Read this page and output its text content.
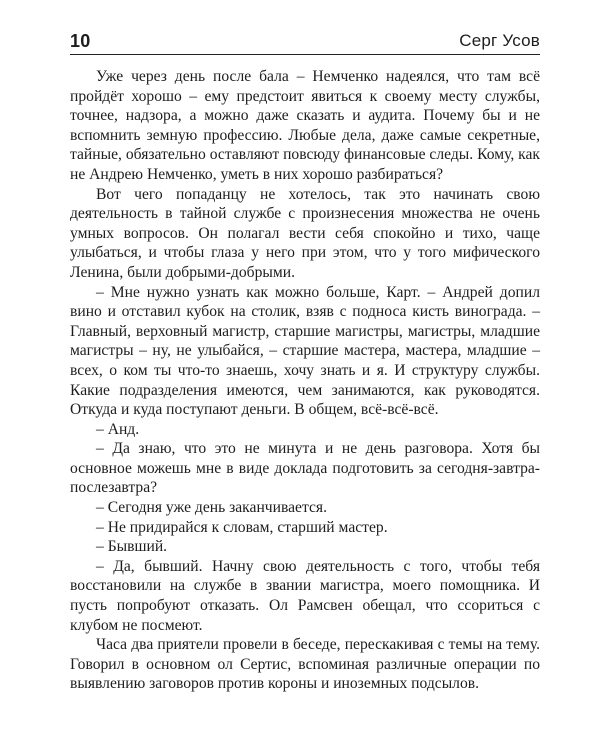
10	Серг Усов

Уже через день после бала – Немченко надеялся, что там всё пройдёт хорошо – ему предстоит явиться к своему месту службы, точнее, надзора, а можно даже сказать и аудита. Почему бы и не вспомнить земную профессию. Любые дела, даже самые секретные, тайные, обязательно оставляют повсюду финансовые следы. Кому, как не Андрею Немченко, уметь в них хорошо разбираться?

Вот чего попаданцу не хотелось, так это начинать свою деятельность в тайной службе с произнесения множества не очень умных вопросов. Он полагал вести себя спокойно и тихо, чаще улыбаться, и чтобы глаза у него при этом, что у того мифического Ленина, были добрыми-добрыми.

– Мне нужно узнать как можно больше, Карт. – Андрей допил вино и отставил кубок на столик, взяв с подноса кисть винограда. – Главный, верховный магистр, старшие магистры, магистры, младшие магистры – ну, не улыбайся, – старшие мастера, мастера, младшие – всех, о ком ты что-то знаешь, хочу знать и я. И структуру службы. Какие подразделения имеются, чем занимаются, как руководятся. Откуда и куда поступают деньги. В общем, всё-всё-всё.

– Анд.

– Да знаю, что это не минута и не день разговора. Хотя бы основное можешь мне в виде доклада подготовить за сегодня-завтра-послезавтра?

– Сегодня уже день заканчивается.

– Не придирайся к словам, старший мастер.

– Бывший.

– Да, бывший. Начну свою деятельность с того, чтобы тебя восстановили на службе в звании магистра, моего помощника. И пусть попробуют отказать. Ол Рамсвен обещал, что ссориться с клубом не посмеют.

Часа два приятели провели в беседе, перескакивая с темы на тему. Говорил в основном ол Сертис, вспоминая различные операции по выявлению заговоров против короны и иноземных подсылов.
